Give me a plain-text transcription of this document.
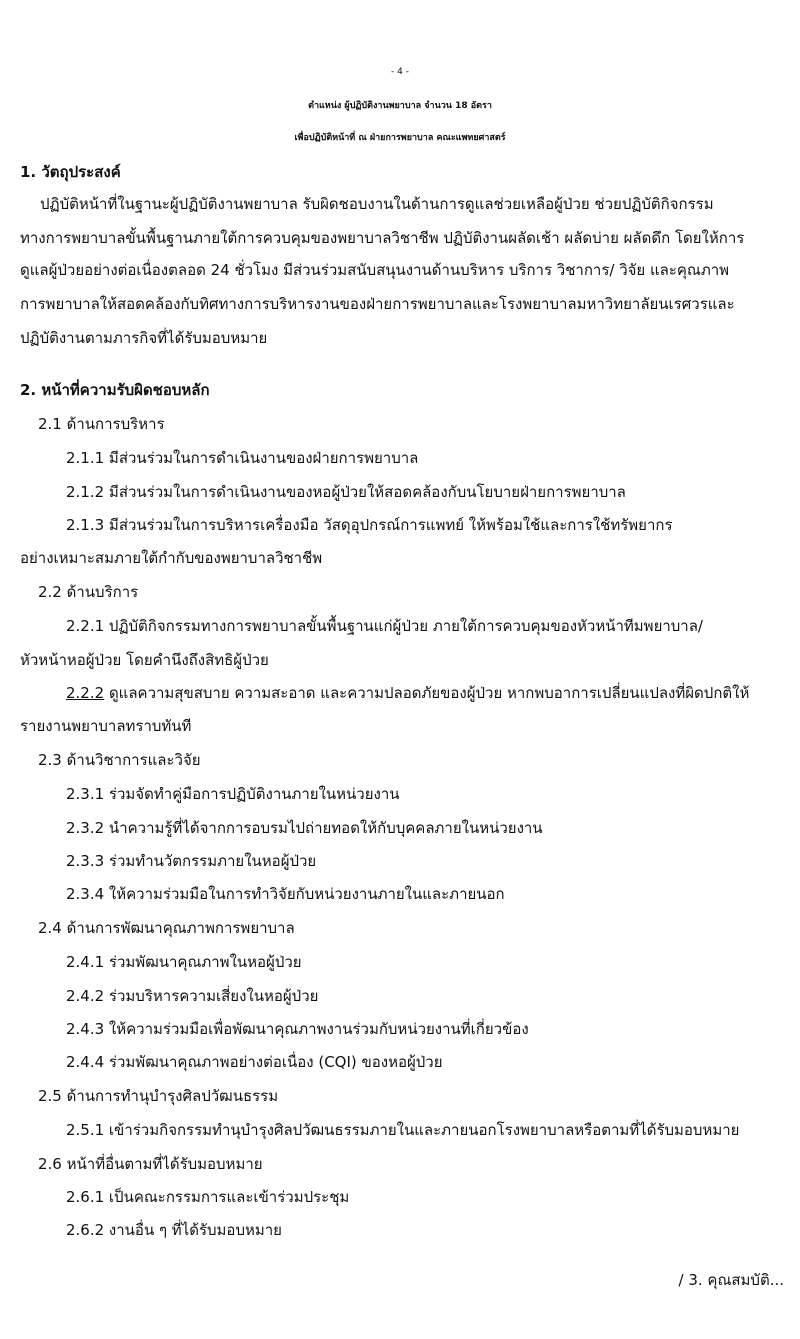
- 4 -
ตำแหน่ง ผู้ปฏิบัติงานพยาบาล จำนวน 18 อัตรา
เพื่อปฏิบัติหน้าที่ ณ ฝ่ายการพยาบาล คณะแพทยศาสตร์
1. วัตถุประสงค์
ปฏิบัติหน้าที่ในฐานะผู้ปฏิบัติงานพยาบาล รับผิดชอบงานในด้านการดูแลช่วยเหลือผู้ป่วย ช่วยปฏิบัติกิจกรรม
ทางการพยาบาลขั้นพื้นฐานภายใต้การควบคุมของพยาบาลวิชาชีพ ปฏิบัติงานผลัดเช้า ผลัดบ่าย ผลัดดึก โดยให้การ
ดูแลผู้ป่วยอย่างต่อเนื่องตลอด 24 ชั่วโมง มีส่วนร่วมสนับสนุนงานด้านบริหาร บริการ วิชาการ/ วิจัย และคุณภาพ
การพยาบาลให้สอดคล้องกับทิศทางการบริหารงานของฝ่ายการพยาบาลและโรงพยาบาลมหาวิทยาลัยนเรศวรและ
ปฏิบัติงานตามภารกิจที่ได้รับมอบหมาย
2. หน้าที่ความรับผิดชอบหลัก
2.1 ด้านการบริหาร
2.1.1 มีส่วนร่วมในการดำเนินงานของฝ่ายการพยาบาล
2.1.2 มีส่วนร่วมในการดำเนินงานของหอผู้ป่วยให้สอดคล้องกับนโยบายฝ่ายการพยาบาล
2.1.3 มีส่วนร่วมในการบริหารเครื่องมือ วัสดุอุปกรณ์การแพทย์ ให้พร้อมใช้และการใช้ทรัพยากร
อย่างเหมาะสมภายใต้กำกับของพยาบาลวิชาชีพ
2.2 ด้านบริการ
2.2.1 ปฏิบัติกิจกรรมทางการพยาบาลขั้นพื้นฐานแก่ผู้ป่วย ภายใต้การควบคุมของหัวหน้าทีมพยาบาล/
หัวหน้าหอผู้ป่วย โดยคำนึงถึงสิทธิผู้ป่วย
2.2.2 ดูแลความสุขสบาย ความสะอาด และความปลอดภัยของผู้ป่วย หากพบอาการเปลี่ยนแปลงที่ผิดปกติให้
รายงานพยาบาลทราบทันที
2.3 ด้านวิชาการและวิจัย
2.3.1 ร่วมจัดทำคู่มือการปฏิบัติงานภายในหน่วยงาน
2.3.2 นำความรู้ที่ได้จากการอบรมไปถ่ายทอดให้กับบุคคลภายในหน่วยงาน
2.3.3 ร่วมทำนวัตกรรมภายในหอผู้ป่วย
2.3.4 ให้ความร่วมมือในการทำวิจัยกับหน่วยงานภายในและภายนอก
2.4 ด้านการพัฒนาคุณภาพการพยาบาล
2.4.1 ร่วมพัฒนาคุณภาพในหอผู้ป่วย
2.4.2 ร่วมบริหารความเสี่ยงในหอผู้ป่วย
2.4.3 ให้ความร่วมมือเพื่อพัฒนาคุณภาพงานร่วมกับหน่วยงานที่เกี่ยวข้อง
2.4.4 ร่วมพัฒนาคุณภาพอย่างต่อเนื่อง (CQI) ของหอผู้ป่วย
2.5 ด้านการทำนุบำรุงศิลปวัฒนธรรม
2.5.1 เข้าร่วมกิจกรรมทำนุบำรุงศิลปวัฒนธรรมภายในและภายนอกโรงพยาบาลหรือตามที่ได้รับมอบหมาย
2.6 หน้าที่อื่นตามที่ได้รับมอบหมาย
2.6.1 เป็นคณะกรรมการและเข้าร่วมประชุม
2.6.2 งานอื่น ๆ ที่ได้รับมอบหมาย
/ 3. คุณสมบัติ...
